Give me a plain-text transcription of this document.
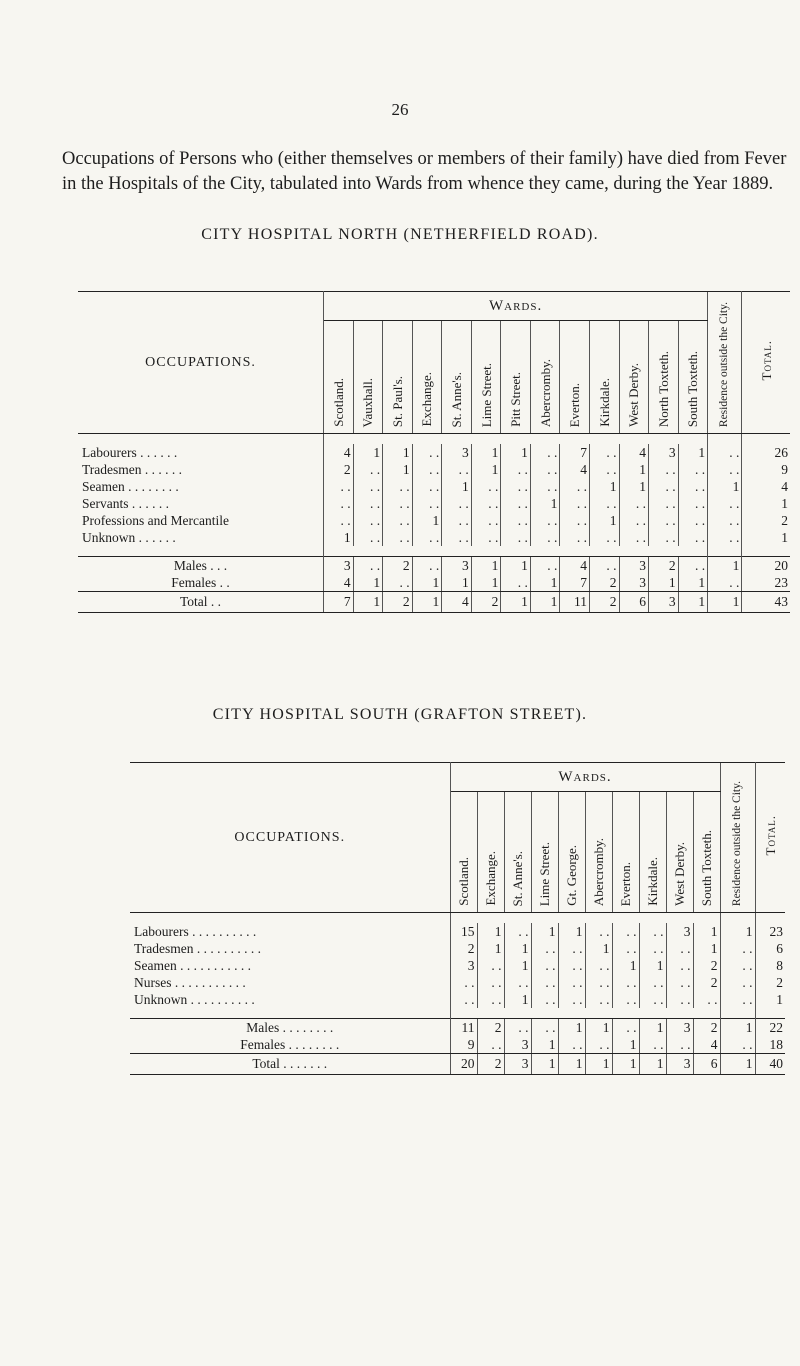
26
Occupations of Persons who (either themselves or members of their family) have died from Fever in the Hospitals of the City, tabulated into Wards from whence they came, during the Year 1889.
CITY HOSPITAL NORTH (NETHERFIELD ROAD).
OCCUPATIONS.	Wards.													Residence outside the City.	Total.
	Scotland.	Vauxhall.	St. Paul's.	Exchange.	St. Anne's.	Lime Street.	Pitt Street.	Abercromby.	Everton.	Kirkdale.	West Derby.	North Toxteth.	South Toxteth.		

Labourers . . . . . .	4	1	1	. .	3	1	1	. .	7	. .	4	3	1	. .	26
Tradesmen . . . . . .	2	. .	1	. .	. .	1	. .	. .	4	. .	1	. .	. .	. .	9
Seamen . . . . . . . .	. .	. .	. .	. .	1	. .	. .	. .	. .	1	1	. .	. .	1	4
Servants . . . . . .	. .	. .	. .	. .	. .	. .	. .	1	. .	. .	. .	. .	. .	. .	1
Professions and Mercantile	. .	. .	. .	1	. .	. .	. .	. .	. .	1	. .	. .	. .	. .	2
Unknown . . . . . .	1	. .	. .	. .	. .	. .	. .	. .	. .	. .	. .	. .	. .	. .	1

Males . . .	3	. .	2	. .	3	1	1	. .	4	. .	3	2	. .	1	20
Females . .	4	1	. .	1	1	1	. .	1	7	2	3	1	1	. .	23
Total . .	7	1	2	1	4	2	1	1	11	2	6	3	1	1	43
CITY HOSPITAL SOUTH (GRAFTON STREET).
OCCUPATIONS.	Wards.										Residence outside the City.	Total.
	Scotland.	Exchange.	St. Anne's.	Lime Street.	Gt. George.	Abercromby.	Everton.	Kirkdale.	West Derby.	South Toxteth.		

Labourers . . . . . . . . . .	15	1	. .	1	1	. .	. .	. .	3	1	1	23
Tradesmen . . . . . . . . . .	2	1	1	. .	. .	1	. .	. .	. .	1	. .	6
Seamen . . . . . . . . . . .	3	. .	1	. .	. .	. .	1	1	. .	2	. .	8
Nurses . . . . . . . . . . .	. .	. .	. .	. .	. .	. .	. .	. .	. .	2	. .	2
Unknown . . . . . . . . . .	. .	. .	1	. .	. .	. .	. .	. .	. .	. .	. .	1

Males . . . . . . . .	11	2	. .	. .	1	1	. .	1	3	2	1	22
Females . . . . . . . .	9	. .	3	1	. .	. .	1	. .	. .	4	. .	18
Total . . . . . . .	20	2	3	1	1	1	1	1	3	6	1	40
